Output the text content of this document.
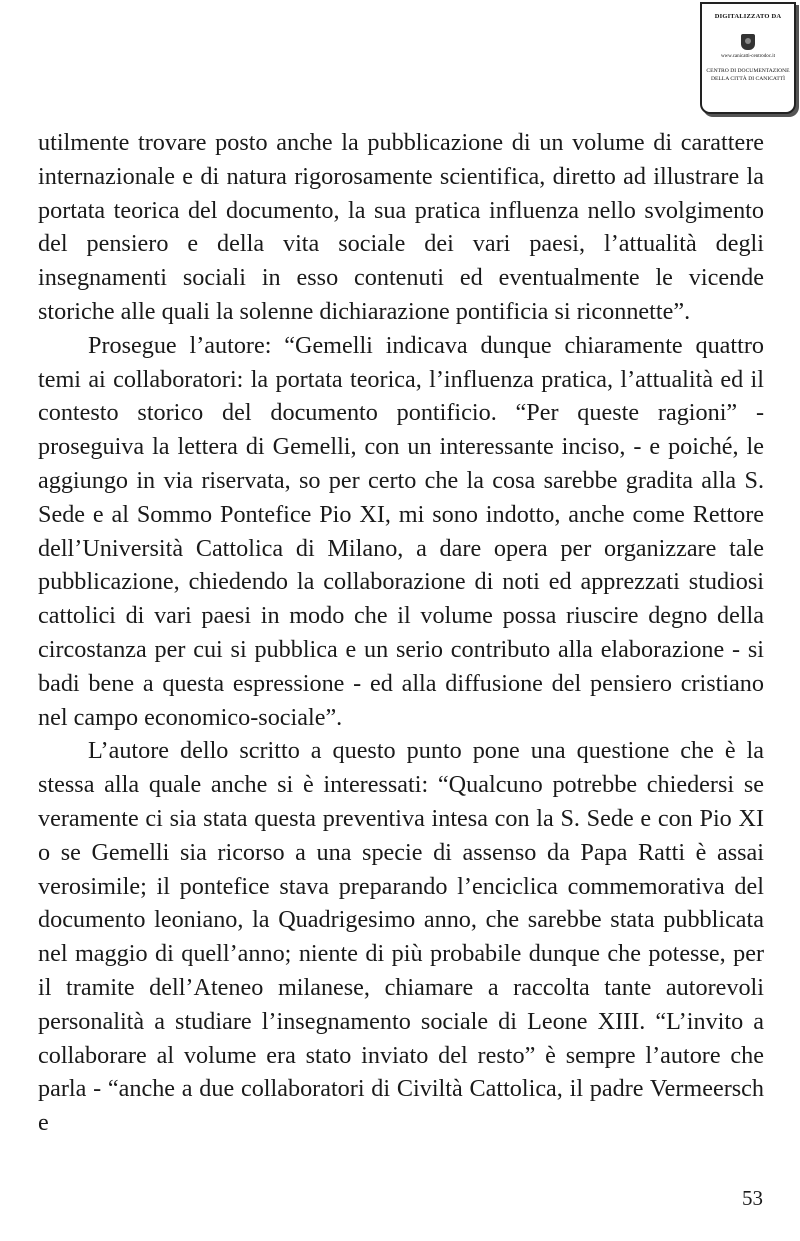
DIGITALIZZATO DA
www.canicatti-centrodoc.it
CENTRO DI DOCUMENTAZIONE
DELLA CITTÀ DI CANICATTÌ

utilmente trovare posto anche la pubblicazione di un volume di carattere internazionale e di natura rigorosamente scientifica, diretto ad illustrare la portata teorica del documento, la sua pratica influenza nello svolgimento del pensiero e della vita sociale dei vari paesi, l’attualità degli insegnamenti sociali in esso contenuti ed eventualmente le vicende storiche alle quali la solenne dichiarazione pontificia si riconnette”.

Prosegue l’autore: “Gemelli indicava dunque chiaramente quattro temi ai collaboratori: la portata teorica, l’influenza pratica, l’attualità ed il contesto storico del documento pontificio. “Per queste ragioni” - proseguiva la lettera di Gemelli, con un interessante inciso, - e poiché, le aggiungo in via riservata, so per certo che la cosa sarebbe gradita alla S. Sede e al Sommo Pontefice Pio XI, mi sono indotto, anche come Rettore dell’Università Cattolica di Milano, a dare opera per organizzare tale pubblicazione, chiedendo la collaborazione di noti ed apprezzati studiosi cattolici di vari paesi in modo che il volume possa riuscire degno della circostanza per cui si pubblica e un serio contributo alla elaborazione - si badi bene a questa espressione - ed alla diffusione del pensiero cristiano nel campo economico-sociale”.

L’autore dello scritto a questo punto pone una questione che è la stessa alla quale anche si è interessati: “Qualcuno potrebbe chiedersi se veramente ci sia stata questa preventiva intesa con la S. Sede e con Pio XI o se Gemelli sia ricorso a una specie di assenso da Papa Ratti è assai verosimile; il pontefice stava preparando l’enciclica commemorativa del documento leoniano, la Quadrigesimo anno, che sarebbe stata pubblicata nel maggio di quell’anno; niente di più probabile dunque che potesse, per il tramite dell’Ateneo milanese, chiamare a raccolta tante autorevoli personalità a studiare l’insegnamento sociale di Leone XIII. “L’invito a collaborare al volume era stato inviato del resto” è sempre l’autore che parla - “anche a due collaboratori di Civiltà Cattolica, il padre Vermeersch e

53
